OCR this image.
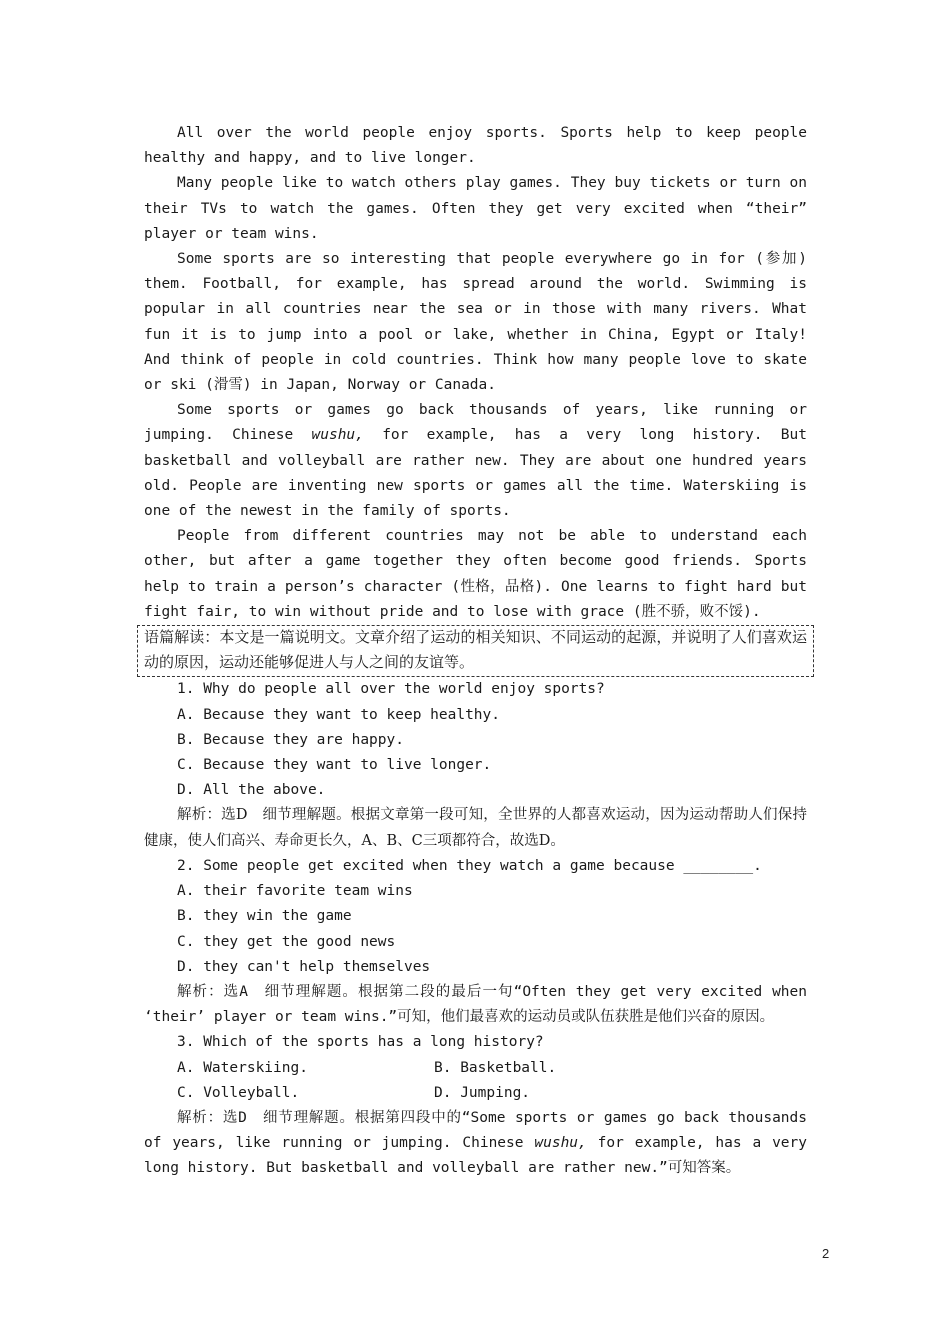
All over the world people enjoy sports. Sports help to keep people healthy and happy, and to live longer.

Many people like to watch others play games. They buy tickets or turn on their TVs to watch the games. Often they get very excited when “their” player or team wins.

Some sports are so interesting that people everywhere go in for (参加) them. Football, for example, has spread around the world. Swimming is popular in all countries near the sea or in those with many rivers. What fun it is to jump into a pool or lake, whether in China, Egypt or Italy! And think of people in cold countries. Think how many people love to skate or ski (滑雪) in Japan, Norway or Canada.

Some sports or games go back thousands of years, like running or jumping. Chinese wushu, for example, has a very long history. But basketball and volleyball are rather new. They are about one hundred years old. People are inventing new sports or games all the time. Waterskiing is one of the newest in the family of sports.

People from different countries may not be able to understand each other, but after a game together they often become good friends. Sports help to train a person’s character (性格，品格). One learns to fight hard but fight fair, to win without pride and to lose with grace (胜不骄，败不馁).

语篇解读：本文是一篇说明文。文章介绍了运动的相关知识、不同运动的起源，并说明了人们喜欢运动的原因，运动还能够促进人与人之间的友谊等。

1. Why do people all over the world enjoy sports?

A. Because they want to keep healthy.

B. Because they are happy.

C. Because they want to live longer.

D. All the above.

解析：选D　细节理解题。根据文章第一段可知，全世界的人都喜欢运动，因为运动帮助人们保持健康，使人们高兴、寿命更长久，A、B、C三项都符合，故选D。

2. Some people get excited when they watch a game because ________.

A. their favorite team wins

B. they win the game

C. they get the good news

D. they can't help themselves

解析：选A　细节理解题。根据第二段的最后一句“Often they get very excited when ‘their’ player or team wins.”可知，他们最喜欢的运动员或队伍获胜是他们兴奋的原因。

3. Which of the sports has a long history?

A. Waterskiing.	B. Basketball.
C. Volleyball.	D. Jumping.

解析：选D　细节理解题。根据第四段中的“Some sports or games go back thousands of years, like running or jumping. Chinese wushu, for example, has a very long history. But basketball and volleyball are rather new.”可知答案。

2
